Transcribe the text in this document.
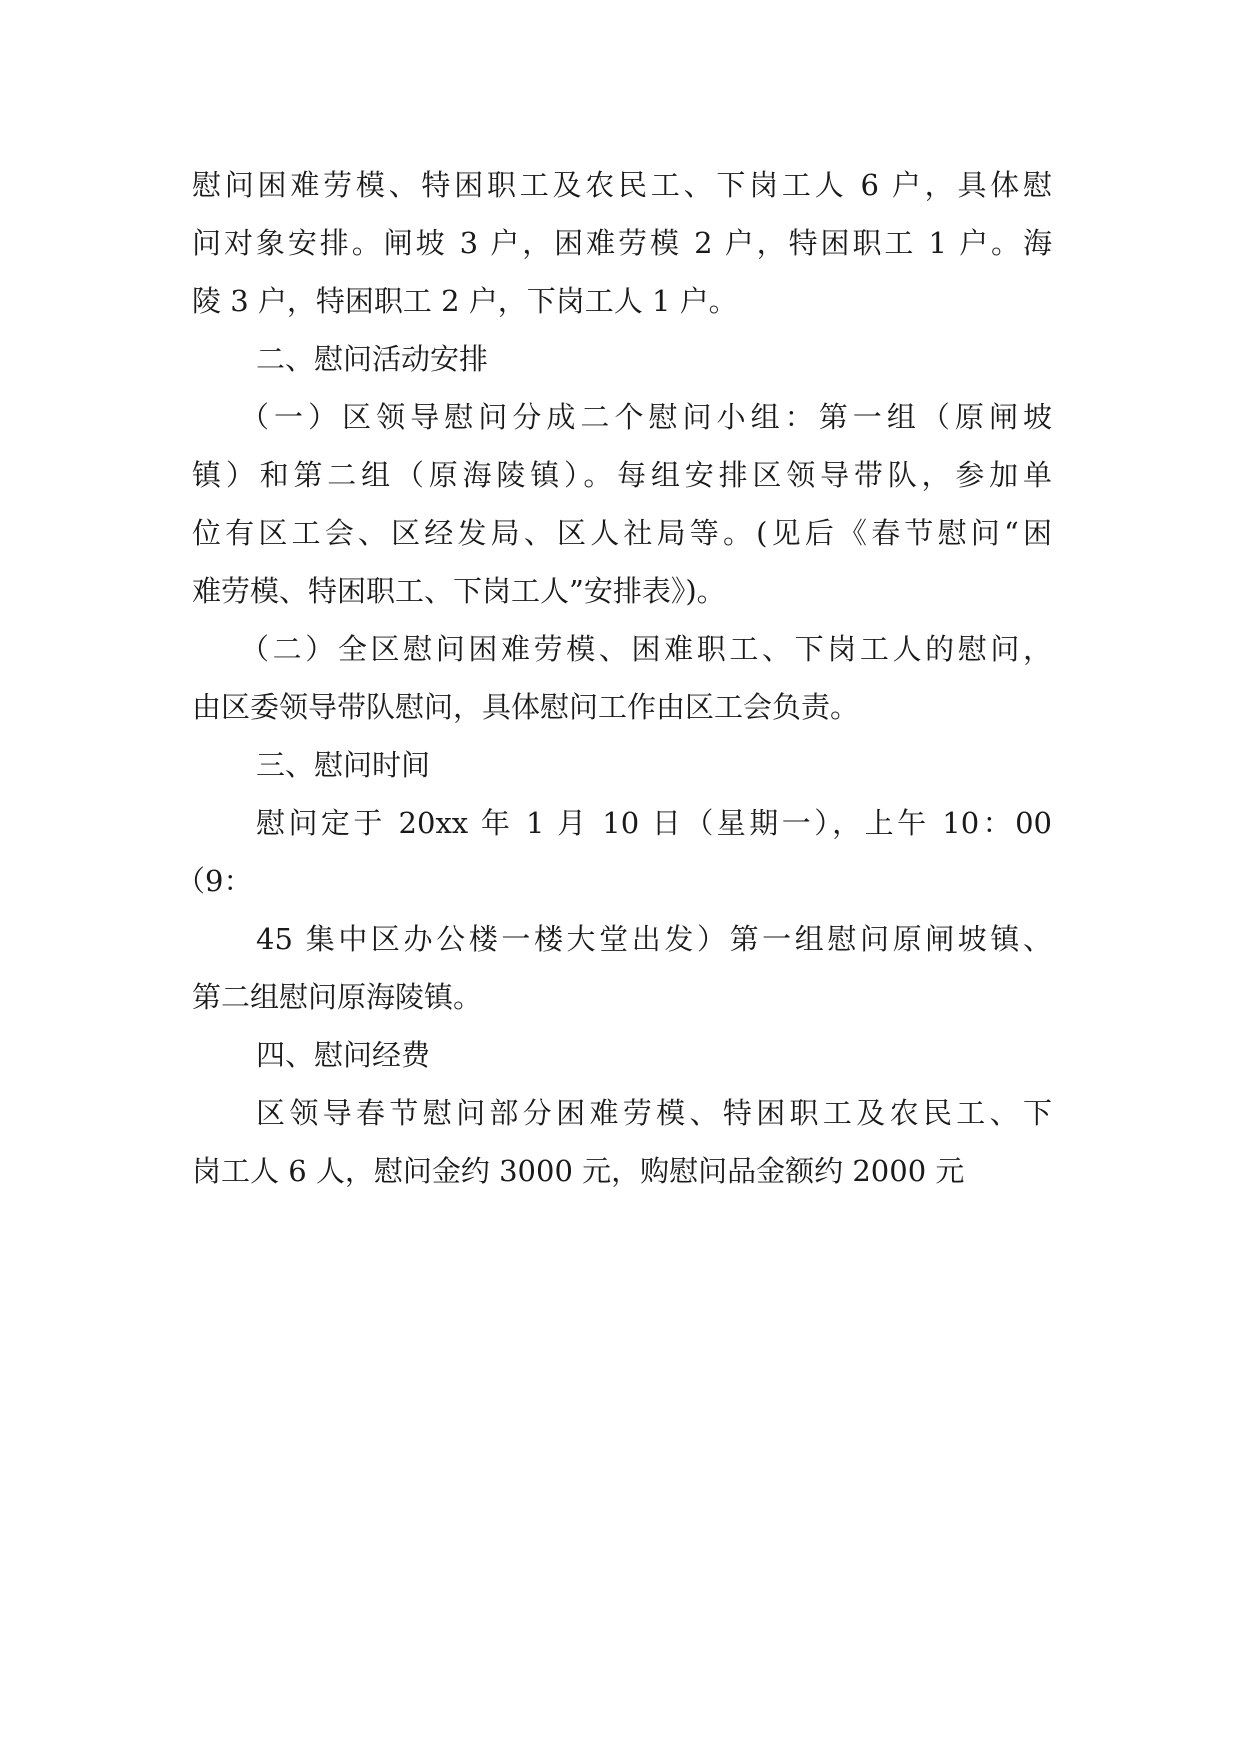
慰问困难劳模、特困职工及农民工、下岗工人 6 户，具体慰
问对象安排。闸坡 3 户，困难劳模 2 户，特困职工 1 户。海
陵 3 户，特困职工 2 户，下岗工人 1 户。
二、慰问活动安排
（一）区领导慰问分成二个慰问小组：第一组（原闸坡
镇）和第二组（原海陵镇）。每组安排区领导带队，参加单
位有区工会、区经发局、区人社局等。(见后《春节慰问“困
难劳模、特困职工、下岗工人”安排表》)。
（二）全区慰问困难劳模、困难职工、下岗工人的慰问，
由区委领导带队慰问，具体慰问工作由区工会负责。
三、慰问时间
慰问定于 20xx 年 1 月 10 日（星期一），上午 10：00
（9：
45 集中区办公楼一楼大堂出发）第一组慰问原闸坡镇、
第二组慰问原海陵镇。
四、慰问经费
区领导春节慰问部分困难劳模、特困职工及农民工、下
岗工人 6 人，慰问金约 3000 元，购慰问品金额约 2000 元
